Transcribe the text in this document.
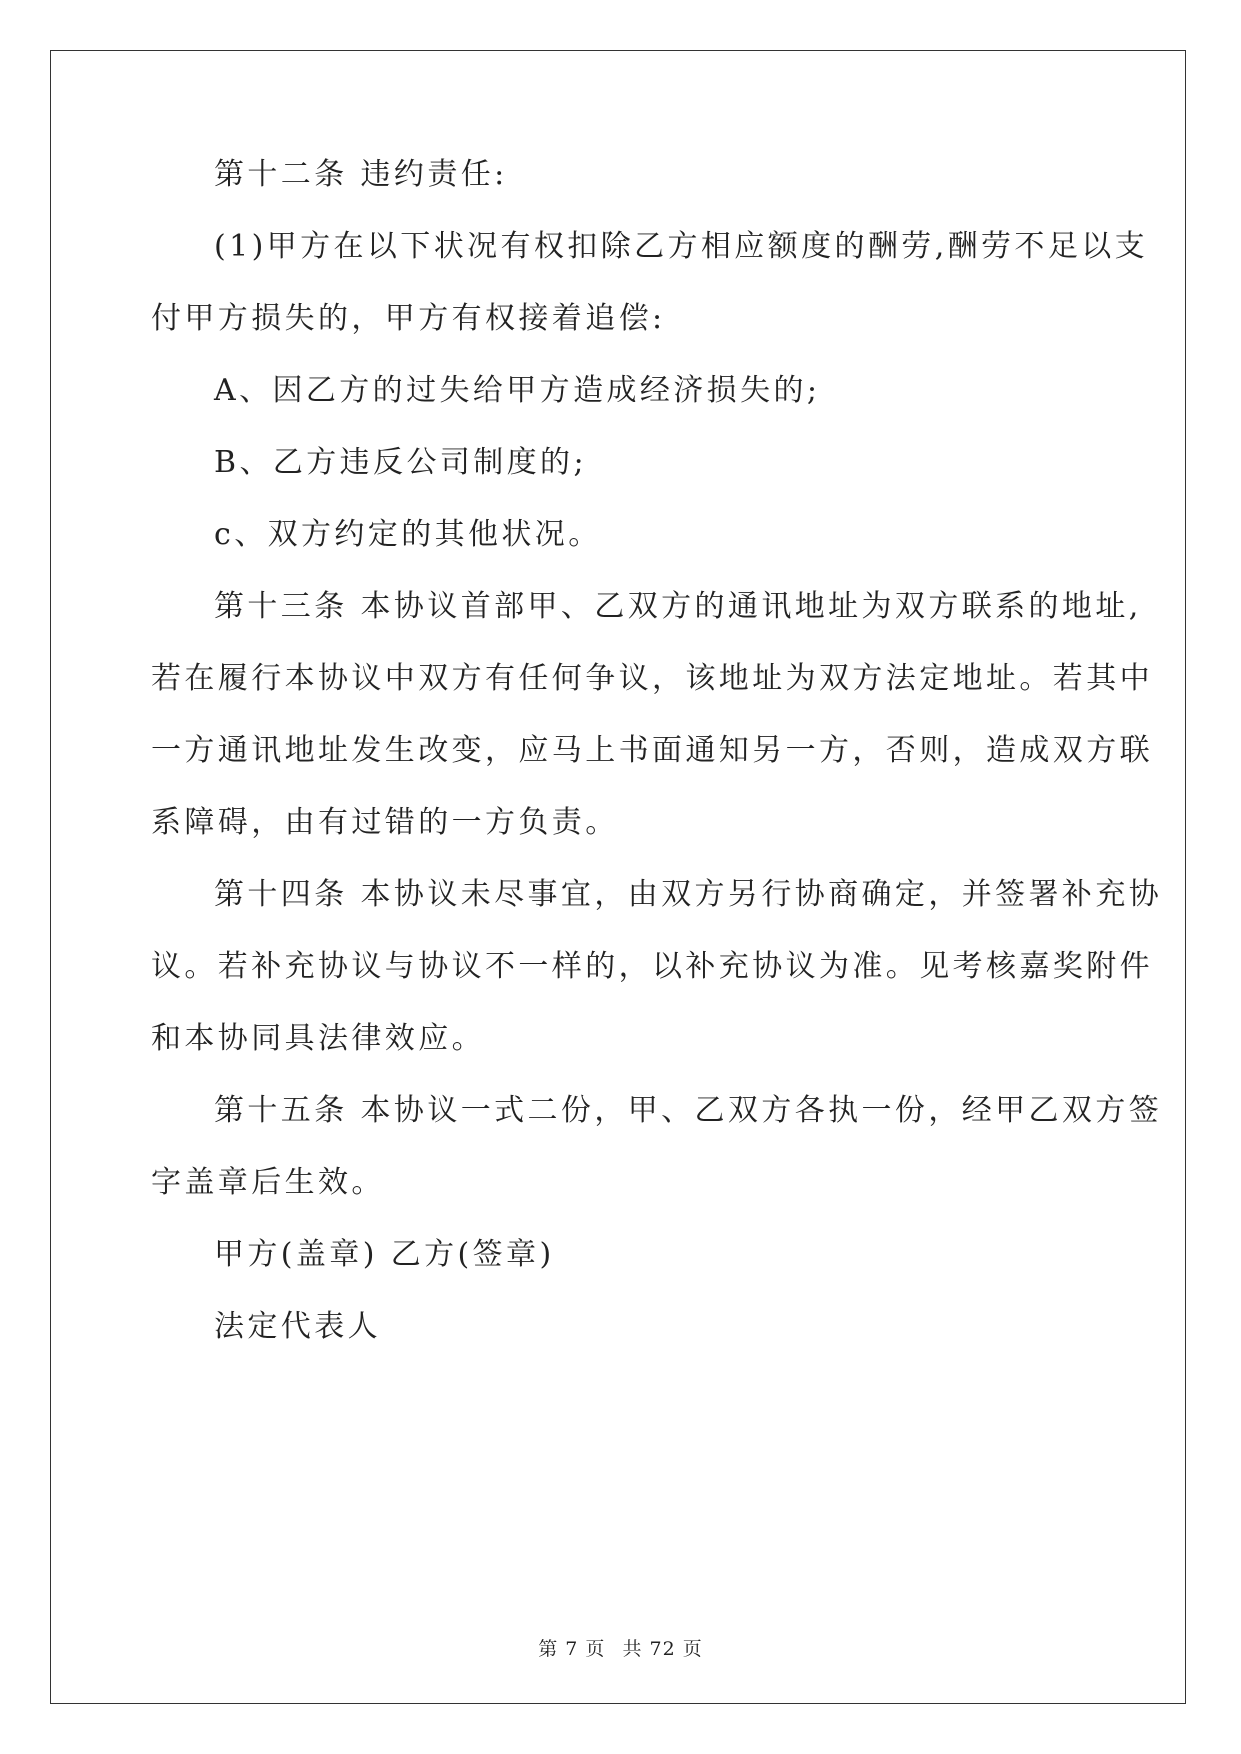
第十二条 违约责任:
(1)甲方在以下状况有权扣除乙方相应额度的酬劳,酬劳不足以支
付甲方损失的，甲方有权接着追偿:
A、因乙方的过失给甲方造成经济损失的;
B、乙方违反公司制度的;
c、双方约定的其他状况。
第十三条 本协议首部甲、乙双方的通讯地址为双方联系的地址,
若在履行本协议中双方有任何争议，该地址为双方法定地址。若其中
一方通讯地址发生改变，应马上书面通知另一方，否则，造成双方联
系障碍，由有过错的一方负责。
第十四条 本协议未尽事宜，由双方另行协商确定，并签署补充协
议。若补充协议与协议不一样的，以补充协议为准。见考核嘉奖附件
和本协同具法律效应。
第十五条 本协议一式二份，甲、乙双方各执一份，经甲乙双方签
字盖章后生效。
甲方(盖章) 乙方(签章)
法定代表人
第 7 页 共 72 页
